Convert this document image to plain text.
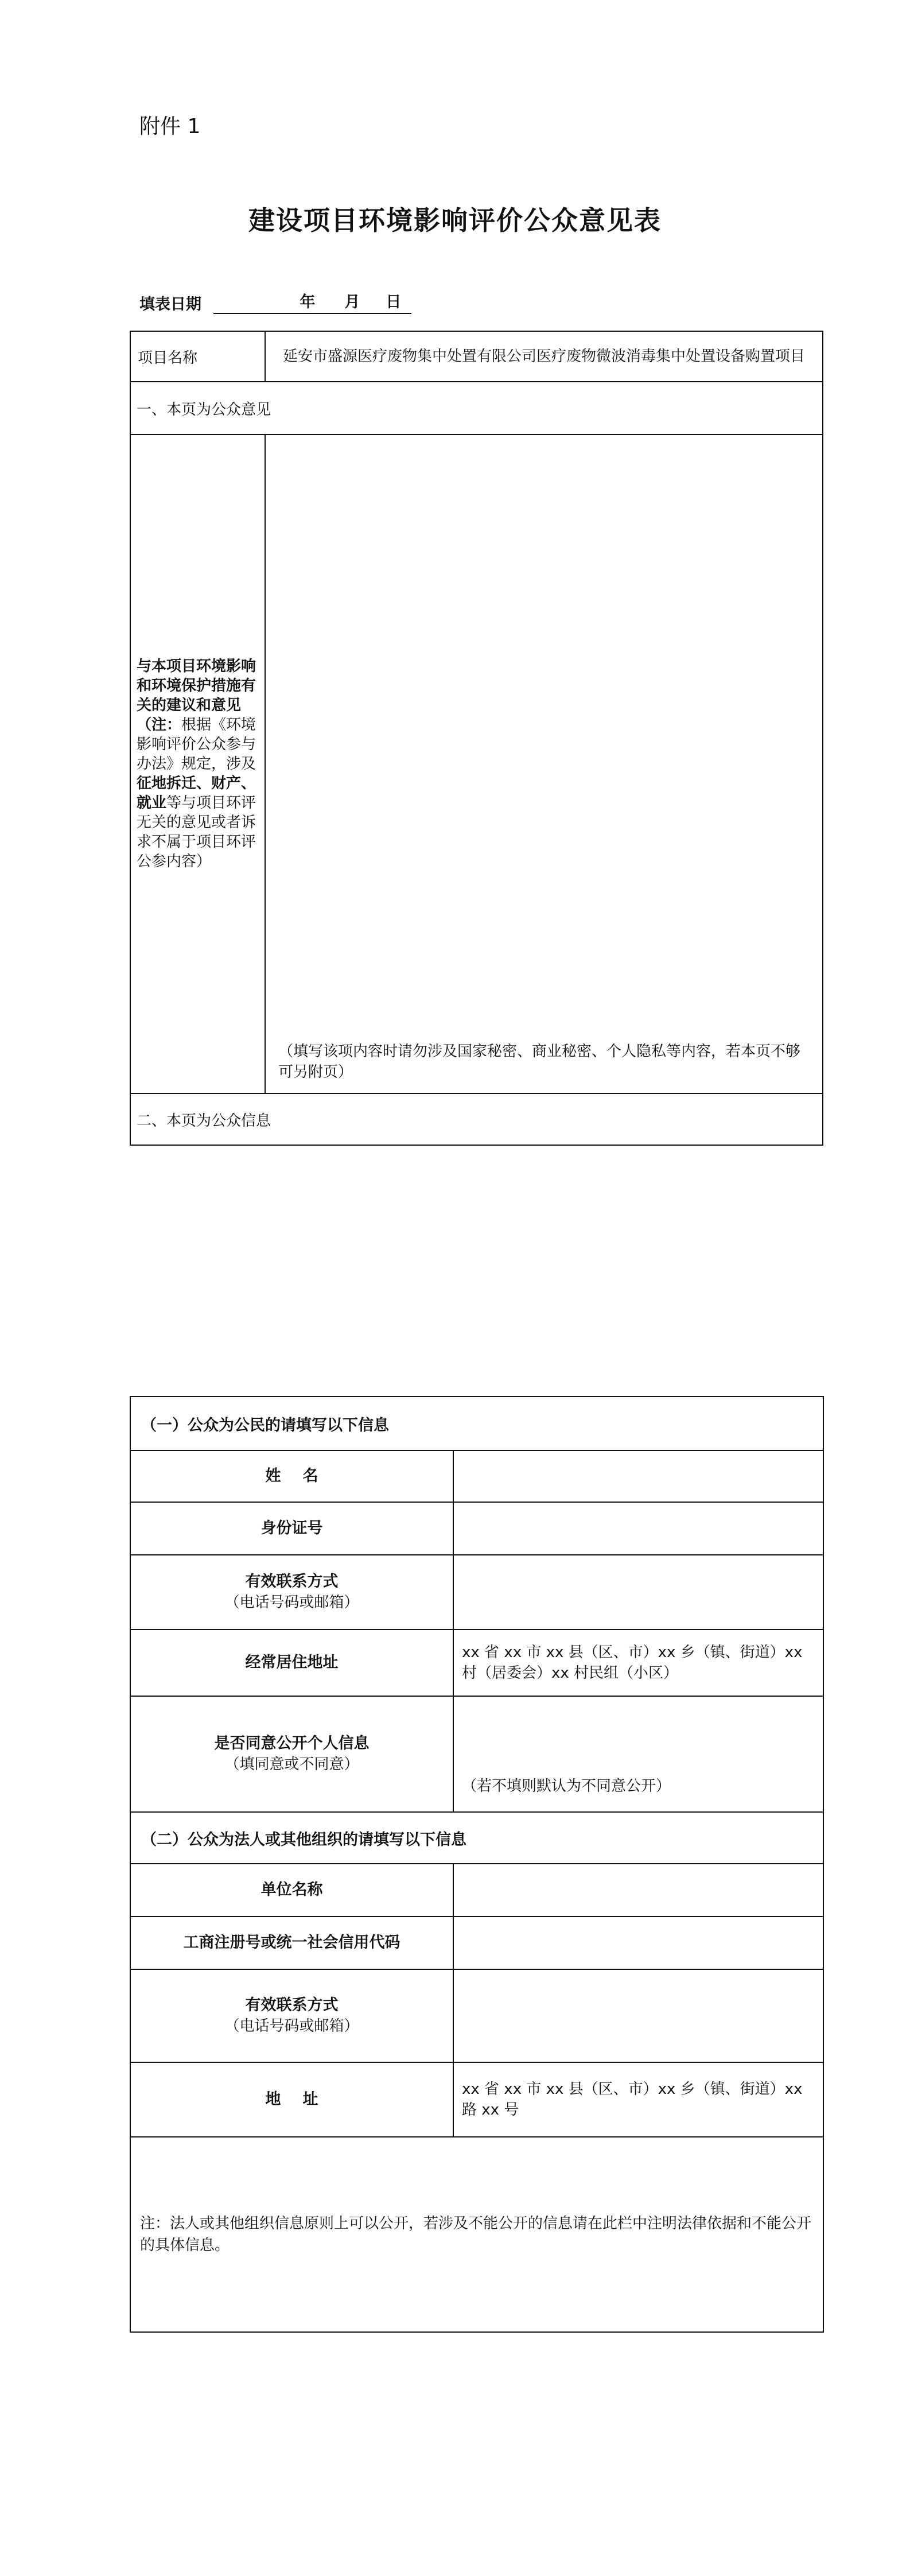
附件 1
建设项目环境影响评价公众意见表
填表日期	年 月 日
项目名称	延安市盛源医疗废物集中处置有限公司医疗废物微波消毒集中处置设备购置项目
一、本页为公众意见	
与本项目环境影响和环境保护措施有关的建议和意见（注：根据《环境影响评价公众参与办法》规定，涉及征地拆迁、财产、就业等与项目环评无关的意见或者诉求不属于项目环评公参内容）	（填写该项内容时请勿涉及国家秘密、商业秘密、个人隐私等内容，若本页不够可另附页）

二、本页为公众信息	
（一）公众为公民的请填写以下信息	
姓名	
身份证号	
有效联系方式
（电话号码或邮箱）	

经常居住地址	xx 省 xx 市 xx 县（区、市）xx 乡（镇、街道）xx 村（居委会）xx 村民组（小区）
是否同意公开个人信息
（填同意或不同意）	（若不填则默认为不同意公开）
（二）公众为法人或其他组织的请填写以下信息	
单位名称	
工商注册号或统一社会信用代码	
有效联系方式
（电话号码或邮箱）	

地址	xx 省 xx 市 xx 县（区、市）xx 乡（镇、街道）xx 路 xx 号
注：法人或其他组织信息原则上可以公开，若涉及不能公开的信息请在此栏中注明法律依据和不能公开的具体信息。	
